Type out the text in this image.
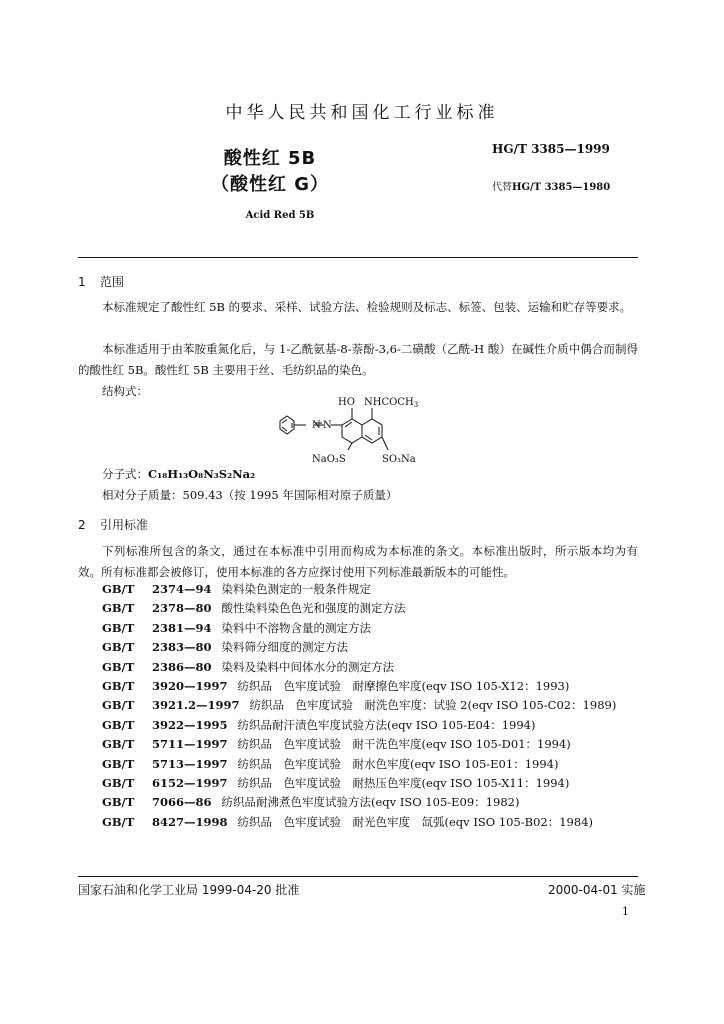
中华人民共和国化工行业标准
酸性红 5B
（酸性红 G）
HG/T 3385—1999
代替HG/T 3385—1980
Acid Red 5B
1 范围
本标准规定了酸性红 5B 的要求、采样、试验方法、检验规则及标志、标签、包装、运输和贮存等要求。
本标准适用于由苯胺重氮化后，与 1-乙酰氨基-8-萘酚-3,6-二磺酸（乙酰-H 酸）在碱性介质中偶合而制得的酸性红 5B。酸性红 5B 主要用于丝、毛纺织品的染色。
结构式：
N N
HO $NHCOCH_3$
NaO₃S	SO₃Na
分子式：C₁₈H₁₃O₈N₃S₂Na₂
相对分子质量：509.43（按 1995 年国际相对原子质量）
2 引用标准
下列标准所包含的条文，通过在本标准中引用而构成为本标准的条文。本标准出版时，所示版本均为有效。所有标准都会被修订，使用本标准的各方应探讨使用下列标准最新版本的可能性。
GB/T 2374—94 染料染色测定的一般条件规定
GB/T 2378—80 酸性染料染色色光和强度的测定方法
GB/T 2381—94 染料中不溶物含量的测定方法
GB/T 2383—80 染料筛分细度的测定方法
GB/T 2386—80 染料及染料中间体水分的测定方法
GB/T 3920—1997 纺织品　色牢度试验　耐摩擦色牢度(eqv ISO 105-X12：1993)
GB/T 3921.2—1997 纺织品　色牢度试验　耐洗色牢度：试验 2(eqv ISO 105-C02：1989)
GB/T 3922—1995 纺织品耐汗渍色牢度试验方法(eqv ISO 105-E04：1994)
GB/T 5711—1997 纺织品　色牢度试验　耐干洗色牢度(eqv ISO 105-D01：1994)
GB/T 5713—1997 纺织品　色牢度试验　耐水色牢度(eqv ISO 105-E01：1994)
GB/T 6152—1997 纺织品　色牢度试验　耐热压色牢度(eqv ISO 105-X11：1994)
GB/T 7066—86 纺织品耐沸煮色牢度试验方法(eqv ISO 105-E09：1982)
GB/T 8427—1998 纺织品　色牢度试验　耐光色牢度　氙弧(eqv ISO 105-B02：1984)
国家石油和化学工业局 1999-04-20 批准	2000-04-01 实施
1
